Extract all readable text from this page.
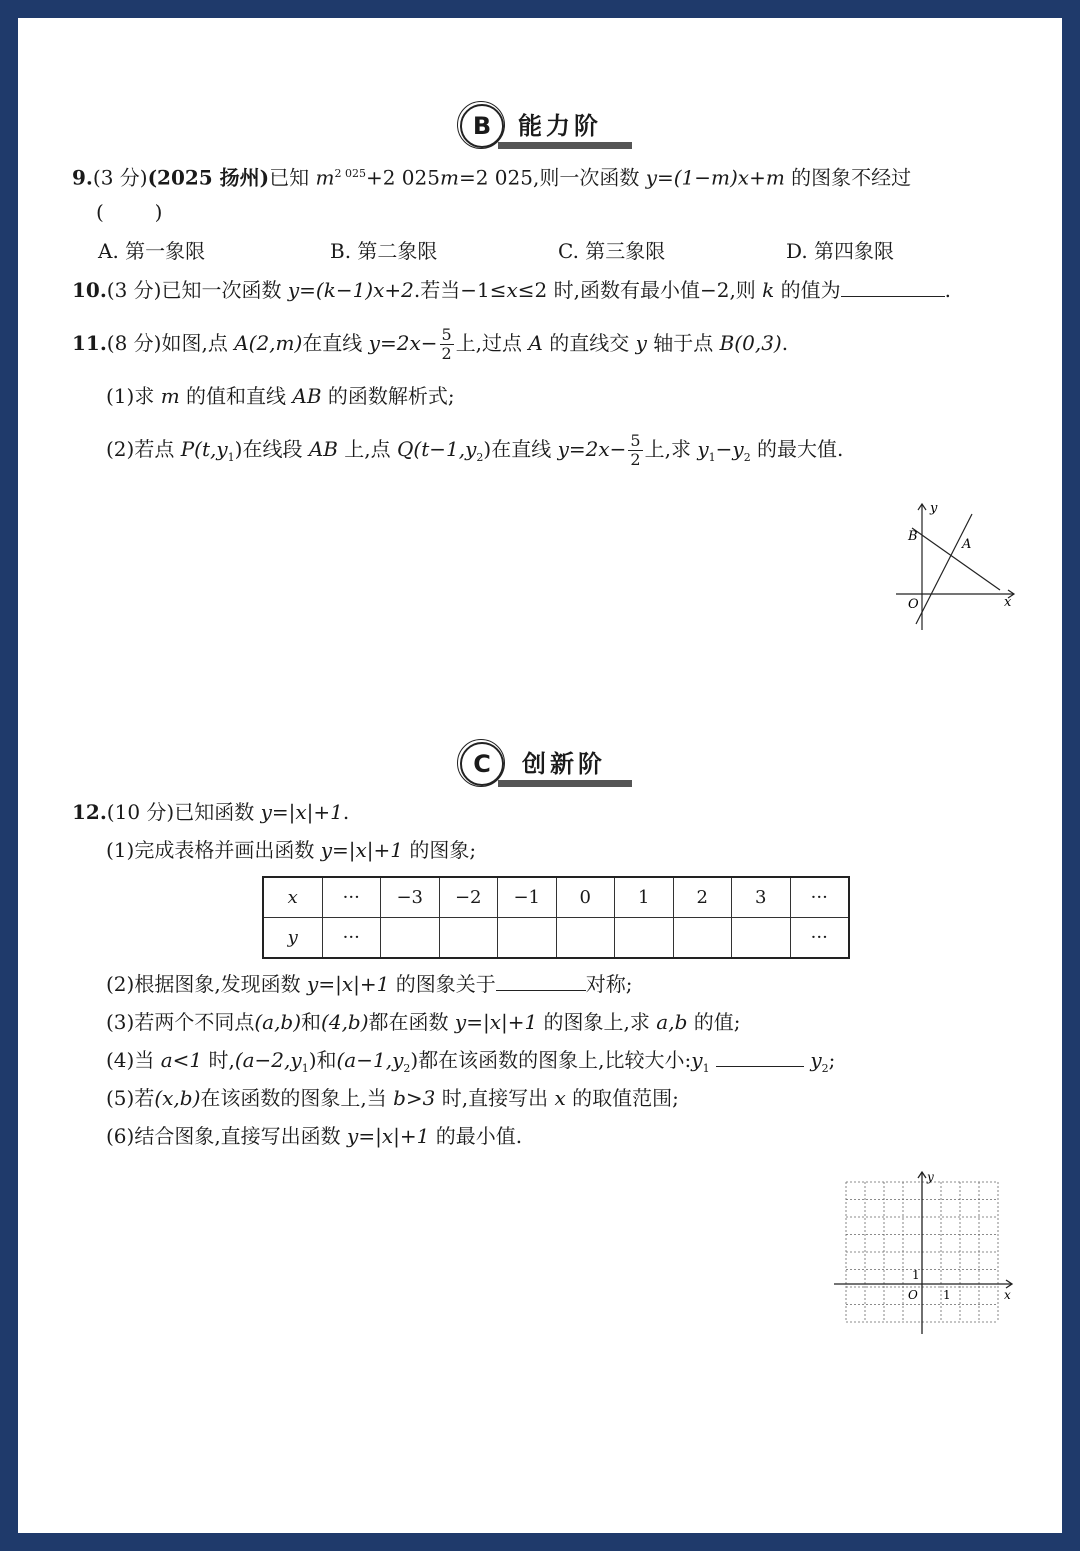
B 能力阶
9.(3 分)(2025 扬州)已知 $m^{2 025}+2$ 025m=2 025,则一次函数 y=(1−m)x+m 的图象不经过
(        )
A. 第一象限	B. 第二象限	C. 第三象限	D. 第四象限
10.(3 分)已知一次函数 y=(k−1)x+2.若当−1≤x≤2 时,函数有最小值−2,则 k 的值为	.
11.(8 分)如图,点 A(2,m)在直线 $y=2x- \frac{5}{2}$ 上,过点 A 的直线交 y 轴于点 B(0,3).
(1)求 m 的值和直线 AB 的函数解析式;
(2)若点 $P(t,y_1)$在线段 AB 上,点 $Q(t-1,y_2)$在直线 $y=2x- \frac{5}{2}$ 上,求 $y_1-y_2$ 的最大值.
y
x
B
A
O
C 创新阶
12.(10 分)已知函数 y=|x|+1.
(1)完成表格并画出函数 y=|x|+1 的图象;
x	···	−3	−2	−1	0	1	2	3	···
y	···								···
(2)根据图象,发现函数 y=|x|+1 的图象关于	对称;
(3)若两个不同点(a,b)和(4,b)都在函数 y=|x|+1 的图象上,求 a,b 的值;
(4)当 a<1 时$,(a-2,y_1)$和$(a-1,y_2)$都在该函数的图象上,比较大小$:y_1$	$y_2$;
(5)若(x,b)在该函数的图象上,当 b>3 时,直接写出 x 的取值范围;
(6)结合图象,直接写出函数 y=|x|+1 的最小值.
y
x
O 1
1
